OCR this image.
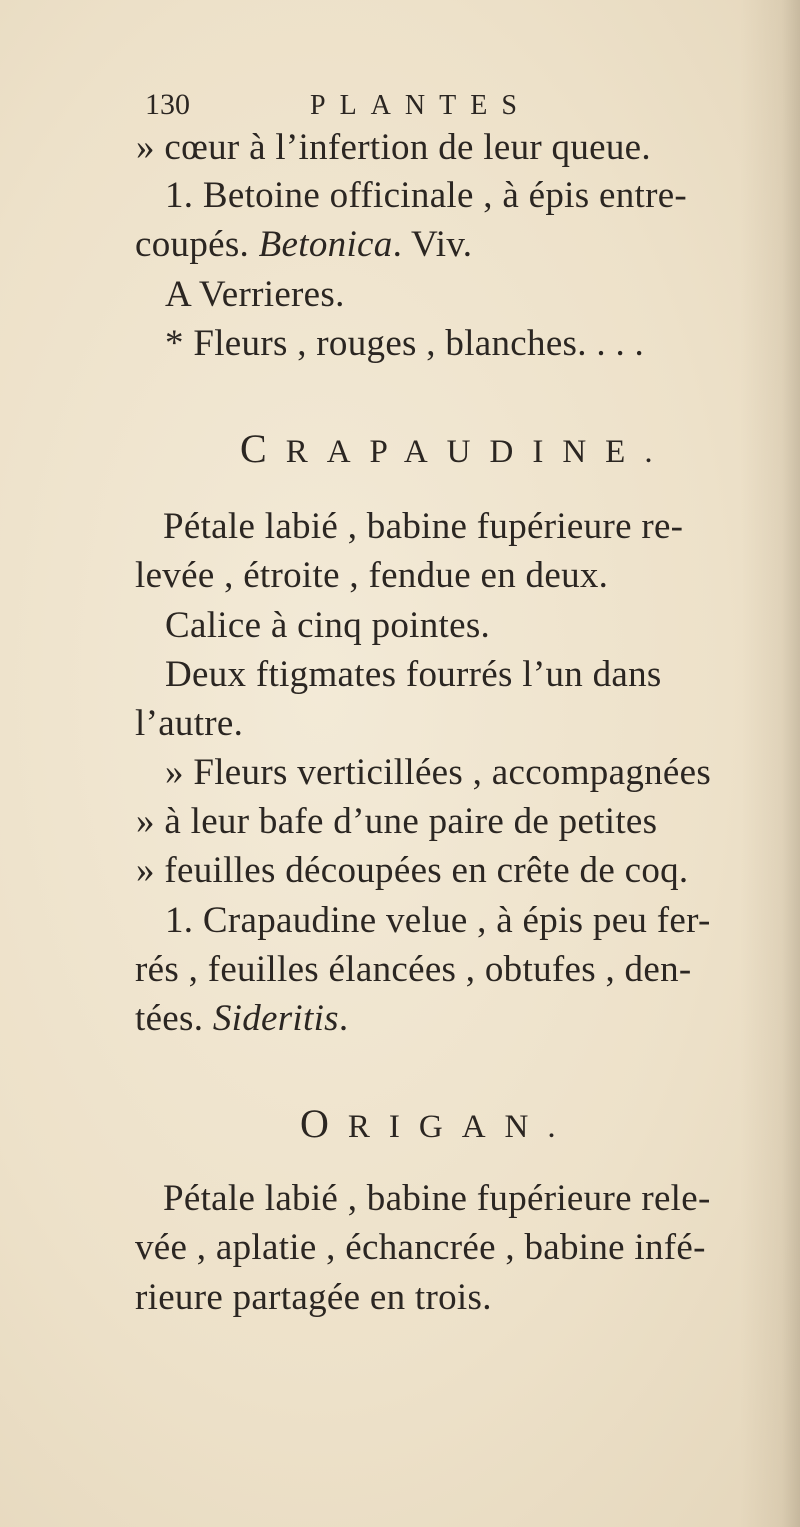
130	PLANTES
» cœur à l’infertion de leur queue.
1. Betoine officinale , à épis entre-
coupés. Betonica. Viv.
A Verrieres.
* Fleurs , rouges , blanches. . . .
CRAPAUDINE.
Pétale labié , babine fupérieure re-
levée , étroite , fendue en deux.
Calice à cinq pointes.
Deux ftigmates fourrés l’un dans
l’autre.
» Fleurs verticillées , accompagnées
» à leur bafe d’une paire de petites
» feuilles découpées en crête de coq.
1. Crapaudine velue , à épis peu fer-
rés , feuilles élancées , obtufes , den-
tées. Sideritis.
ORIGAN.
Pétale labié , babine fupérieure rele-
vée , aplatie , échancrée , babine infé-
rieure partagée en trois.
